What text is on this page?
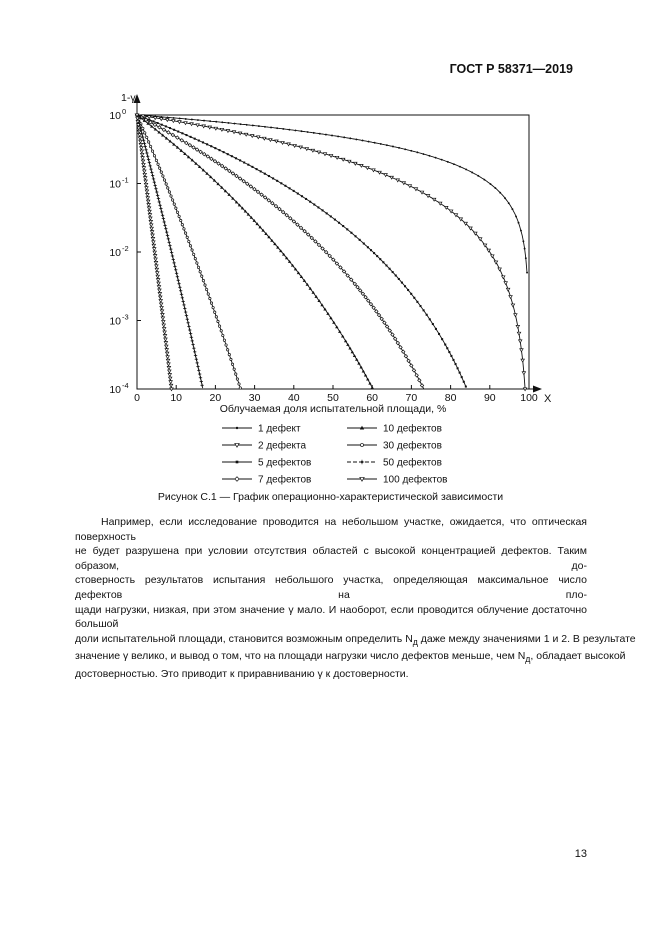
ГОСТ Р 58371—2019
1-γ
X
Облучаемая доля испытательной площади, %
0	10	20	30	40	50	60	70	80	90 100
10 0
10 -1
10 -2
10 -3
10 -4
1 дефект
2 дефекта
5 дефектов
7 дефектов
10 дефектов
30 дефектов
50 дефектов
100 дефектов
Рисунок С.1 — График операционно-характеристической зависимости
Например, если исследование проводится на небольшом участке, ожидается, что оптическая поверхность
не будет разрушена при условии отсутствия областей с высокой концентрацией дефектов. Таким образом, до-
стоверность результатов испытания небольшого участка, определяющая максимальное число дефектов на пло-
щади нагрузки, низкая, при этом значение γ мало. И наоборот, если проводится облучение достаточно большой
доли испытательной площади, становится возможным определить $N_д$ даже между значениями 1 и 2. В результате
значение γ велико, и вывод о том, что на площади нагрузки число дефектов меньше, чем $N_д$, обладает высокой
достоверностью. Это приводит к приравниванию γ к достоверности.
13
